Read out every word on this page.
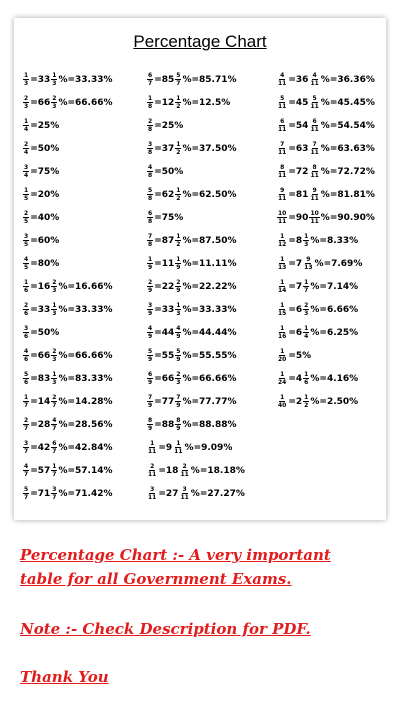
Percentage Chart
$\frac{1}{3} = 33 \frac{1}{3}$ % = 33.33%
$\frac{2}{3} = 66 \frac{2}{3}$ % = 66.66%
$\frac{1}{4} = 25\%$
$\frac{2}{4} = 50\%$
$\frac{3}{4} = 75\%$
$\frac{1}{5} = 20\%$
$\frac{2}{5} = 40\%$
$\frac{3}{5} = 60\%$
$\frac{4}{5} = 80\%$
$\frac{1}{6} = 16 \frac{2}{3}$ % = 16.66%
$\frac{2}{6} = 33 \frac{1}{3}$ % = 33.33%
$\frac{3}{6} = 50\%$
$\frac{4}{6} = 66 \frac{2}{3}$ % = 66.66%
$\frac{5}{6} = 83 \frac{1}{3}$ % = 83.33%
$\frac{1}{7} = 14 \frac{2}{7}$ % = 14.28%
$\frac{2}{7} = 28 \frac{4}{7}$ % = 28.56%
$\frac{3}{7} = 42 \frac{6}{7}$ % = 42.84%
$\frac{4}{7} = 57 \frac{1}{7}$ % = 57.14%
$\frac{5}{7} = 71 \frac{3}{7}$ % = 71.42%
$\frac{6}{7} = 85 \frac{5}{7}$ % = 85.71%
$\frac{1}{8} = 12 \frac{1}{2}$ % = 12.5%
$\frac{2}{8} = 25\%$
$\frac{3}{8} = 37 \frac{1}{2}$ % = 37.50%
$\frac{4}{8} = 50\%$
$\frac{5}{8} = 62 \frac{1}{2}$ % = 62.50%
$\frac{6}{8} = 75\%$
$\frac{7}{8} = 87 \frac{1}{2}$ % = 87.50%
$\frac{1}{9} = 11 \frac{1}{9}$ % = 11.11%
$\frac{2}{9} = 22 \frac{2}{9}$ % = 22.22%
$\frac{3}{9} = 33 \frac{1}{3}$ % = 33.33%
$\frac{4}{9} = 44 \frac{4}{9}$ % = 44.44%
$\frac{5}{9} = 55 \frac{5}{9}$ % = 55.55%
$\frac{6}{9} = 66 \frac{2}{3}$ % = 66.66%
$\frac{7}{9} = 77 \frac{7}{9}$ % = 77.77%
$\frac{8}{9} = 88 \frac{8}{9}$ % = 88.88%
$\frac{1}{11} = 9 \frac{1}{11}$ % = 9.09%
$\frac{2}{11} = 18 \frac{2}{11}$ % = 18.18%
$\frac{3}{11} = 27 \frac{3}{11}$ % = 27.27%
$\frac{4}{11} = 36 \frac{4}{11}$ % = 36.36%
$\frac{5}{11} = 45 \frac{5}{11}$ % = 45.45%
$\frac{6}{11} = 54 \frac{6}{11}$ % = 54.54%
$\frac{7}{11} = 63 \frac{7}{11}$ % = 63.63%
$\frac{8}{11} = 72 \frac{8}{11}$ % = 72.72%
$\frac{9}{11} = 81 \frac{9}{11}$ % = 81.81%
$\frac{10}{11} = 90 \frac{10}{11}$ % = 90.90%
$\frac{1}{12} = 8 \frac{1}{3}$ % = 8.33%
$\frac{1}{13} = 7 \frac{9}{13}$ % = 7.69%
$\frac{1}{14} = 7 \frac{1}{7}$ % = 7.14%
$\frac{1}{15} = 6 \frac{2}{3}$ % = 6.66%
$\frac{1}{16} = 6 \frac{1}{4}$ % = 6.25%
$\frac{1}{20} = 5\%$
$\frac{1}{24} = 4 \frac{1}{6}$ % = 4.16%
$\frac{1}{40} = 2 \frac{1}{2}$ % = 2.50%
Percentage Chart :- A very important
table for all Government Exams.
Note :- Check Description for PDF.
Thank You
